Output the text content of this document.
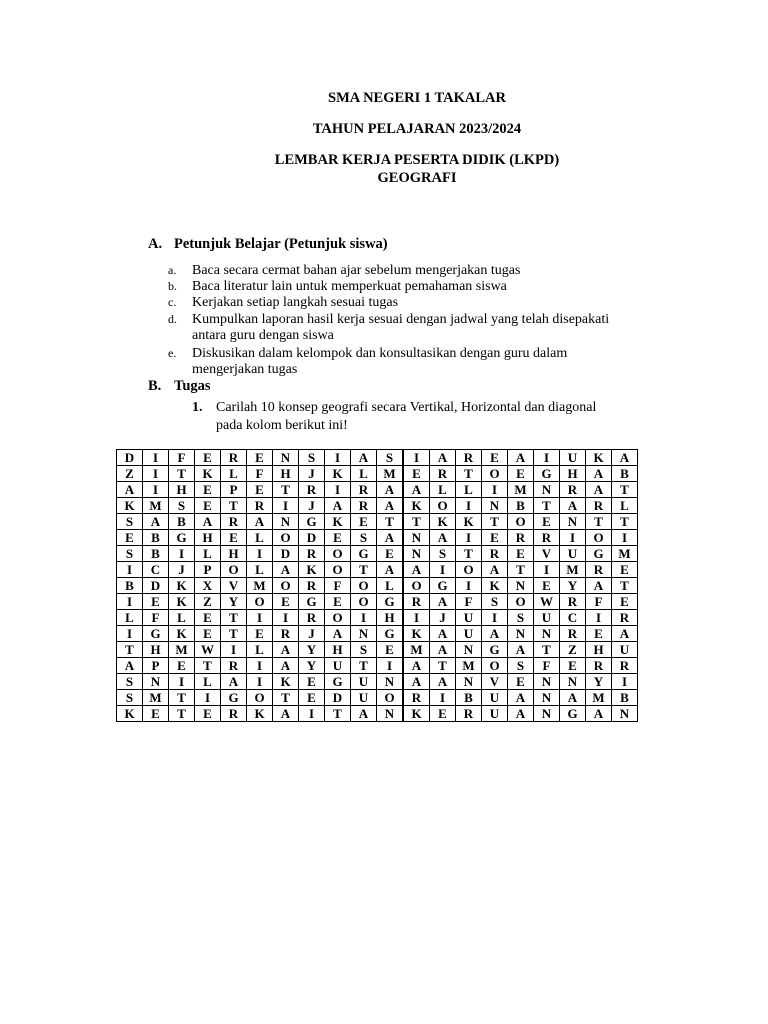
SMA NEGERI 1 TAKALAR
TAHUN PELAJARAN 2023/2024
LEMBAR KERJA PESERTA DIDIK (LKPD)
GEOGRAFI
A. Petunjuk Belajar (Petunjuk siswa)
a. Baca secara cermat bahan ajar sebelum mengerjakan tugas
b. Baca literatur lain untuk memperkuat pemahaman siswa
c. Kerjakan setiap langkah sesuai tugas
d. Kumpulkan laporan hasil kerja sesuai dengan jadwal yang telah disepakati
antara guru dengan siswa
e. Diskusikan dalam kelompok dan konsultasikan dengan guru dalam
mengerjakan tugas
B. Tugas
1. Carilah 10 konsep geografi secara Vertikal, Horizontal dan diagonal
pada kolom berikut ini!
D	I	F	E	R	E	N	S	I	A	S	I	A	R	E	A	I	U	K	A
Z	I	T	K	L	F	H	J	K	L	M	E	R	T	O	E	G	H	A	B
A	I	H	E	P	E	T	R	I	R	A	A	L	L	I	M	N	R	A	T
K	M	S	E	T	R	I	J	A	R	A	K	O	I	N	B	T	A	R	L
S	A	B	A	R	A	N	G	K	E	T	T	K	K	T	O	E	N	T	T
E	B	G	H	E	L	O	D	E	S	A	N	A	I	E	R	R	I	O	I
S	B	I	L	H	I	D	R	O	G	E	N	S	T	R	E	V	U	G	M
I	C	J	P	O	L	A	K	O	T	A	A	I	O	A	T	I	M	R	E
B	D	K	X	V	M	O	R	F	O	L	O	G	I	K	N	E	Y	A	T
I	E	K	Z	Y	O	E	G	E	O	G	R	A	F	S	O	W	R	F	E
L	F	L	E	T	I	I	R	O	I	H	I	J	U	I	S	U	C	I	R
I	G	K	E	T	E	R	J	A	N	G	K	A	U	A	N	N	R	E	A
T	H	M	W	I	L	A	Y	H	S	E	M	A	N	G	A	T	Z	H	U
A	P	E	T	R	I	A	Y	U	T	I	A	T	M	O	S	F	E	R	R
S	N	I	L	A	I	K	E	G	U	N	A	A	N	V	E	N	N	Y	I
S	M	T	I	G	O	T	E	D	U	O	R	I	B	U	A	N	A	M	B
K	E	T	E	R	K	A	I	T	A	N	K	E	R	U	A	N	G	A	N
